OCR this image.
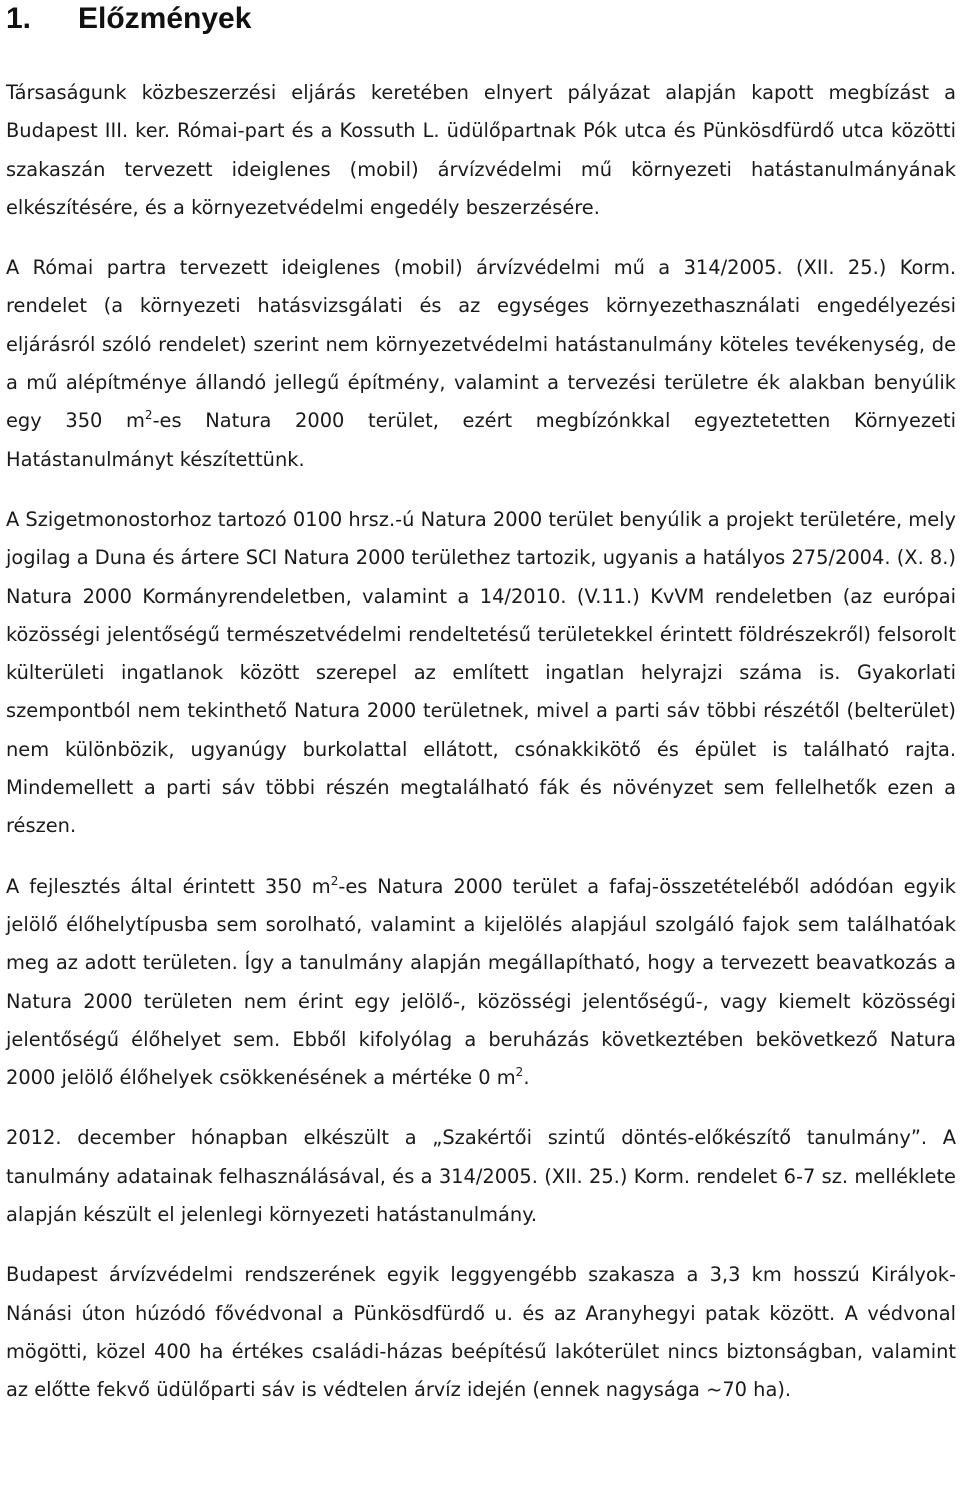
1. Előzmények

Társaságunk közbeszerzési eljárás keretében elnyert pályázat alapján kapott megbízást a Budapest III. ker. Római-part és a Kossuth L. üdülőpartnak Pók utca és Pünkösdfürdő utca közötti szakaszán tervezett ideiglenes (mobil) árvízvédelmi mű környezeti hatástanulmányának elkészítésére, és a környezetvédelmi engedély beszerzésére.

A Római partra tervezett ideiglenes (mobil) árvízvédelmi mű a 314/2005. (XII. 25.) Korm. rendelet (a környezeti hatásvizsgálati és az egységes környezethasználati engedélyezési eljárásról szóló rendelet) szerint nem környezetvédelmi hatástanulmány köteles tevékenység, de a mű alépítménye állandó jellegű építmény, valamint a tervezési területre ék alakban benyúlik egy 350 $m^2-es$ Natura 2000 terület, ezért megbízónkkal egyeztetetten Környezeti Hatástanulmányt készítettünk.

A Szigetmonostorhoz tartozó 0100 hrsz.-ú Natura 2000 terület benyúlik a projekt területére, mely jogilag a Duna és ártere SCI Natura 2000 területhez tartozik, ugyanis a hatályos 275/2004. (X. 8.) Natura 2000 Kormányrendeletben, valamint a 14/2010. (V.11.) KvVM rendeletben (az európai közösségi jelentőségű természetvédelmi rendeltetésű területekkel érintett földrészekről) felsorolt külterületi ingatlanok között szerepel az említett ingatlan helyrajzi száma is. Gyakorlati szempontból nem tekinthető Natura 2000 területnek, mivel a parti sáv többi részétől (belterület) nem különbözik, ugyanúgy burkolattal ellátott, csónakkikötő és épület is található rajta. Mindemellett a parti sáv többi részén megtalálható fák és növényzet sem fellelhetők ezen a részen.

A fejlesztés által érintett 350 $m^2-es$ Natura 2000 terület a fafaj-összetételéből adódóan egyik jelölő élőhelytípusba sem sorolható, valamint a kijelölés alapjául szolgáló fajok sem találhatóak meg az adott területen. Így a tanulmány alapján megállapítható, hogy a tervezett beavatkozás a Natura 2000 területen nem érint egy jelölő-, közösségi jelentőségű-, vagy kiemelt közösségi jelentőségű élőhelyet sem. Ebből kifolyólag a beruházás következtében bekövetkező Natura 2000 jelölő élőhelyek csökkenésének a mértéke 0 $m^2$.

2012. december hónapban elkészült a „Szakértői szintű döntés-előkészítő tanulmány”. A tanulmány adatainak felhasználásával, és a 314/2005. (XII. 25.) Korm. rendelet 6-7 sz. melléklete alapján készült el jelenlegi környezeti hatástanulmány.

Budapest árvízvédelmi rendszerének egyik leggyengébb szakasza a 3,3 km hosszú Királyok-Nánási úton húzódó fővédvonal a Pünkösdfürdő u. és az Aranyhegyi patak között. A védvonal mögötti, közel 400 ha értékes családi-házas beépítésű lakóterület nincs biztonságban, valamint az előtte fekvő üdülőparti sáv is védtelen árvíz idején (ennek nagysága ~70 ha).
